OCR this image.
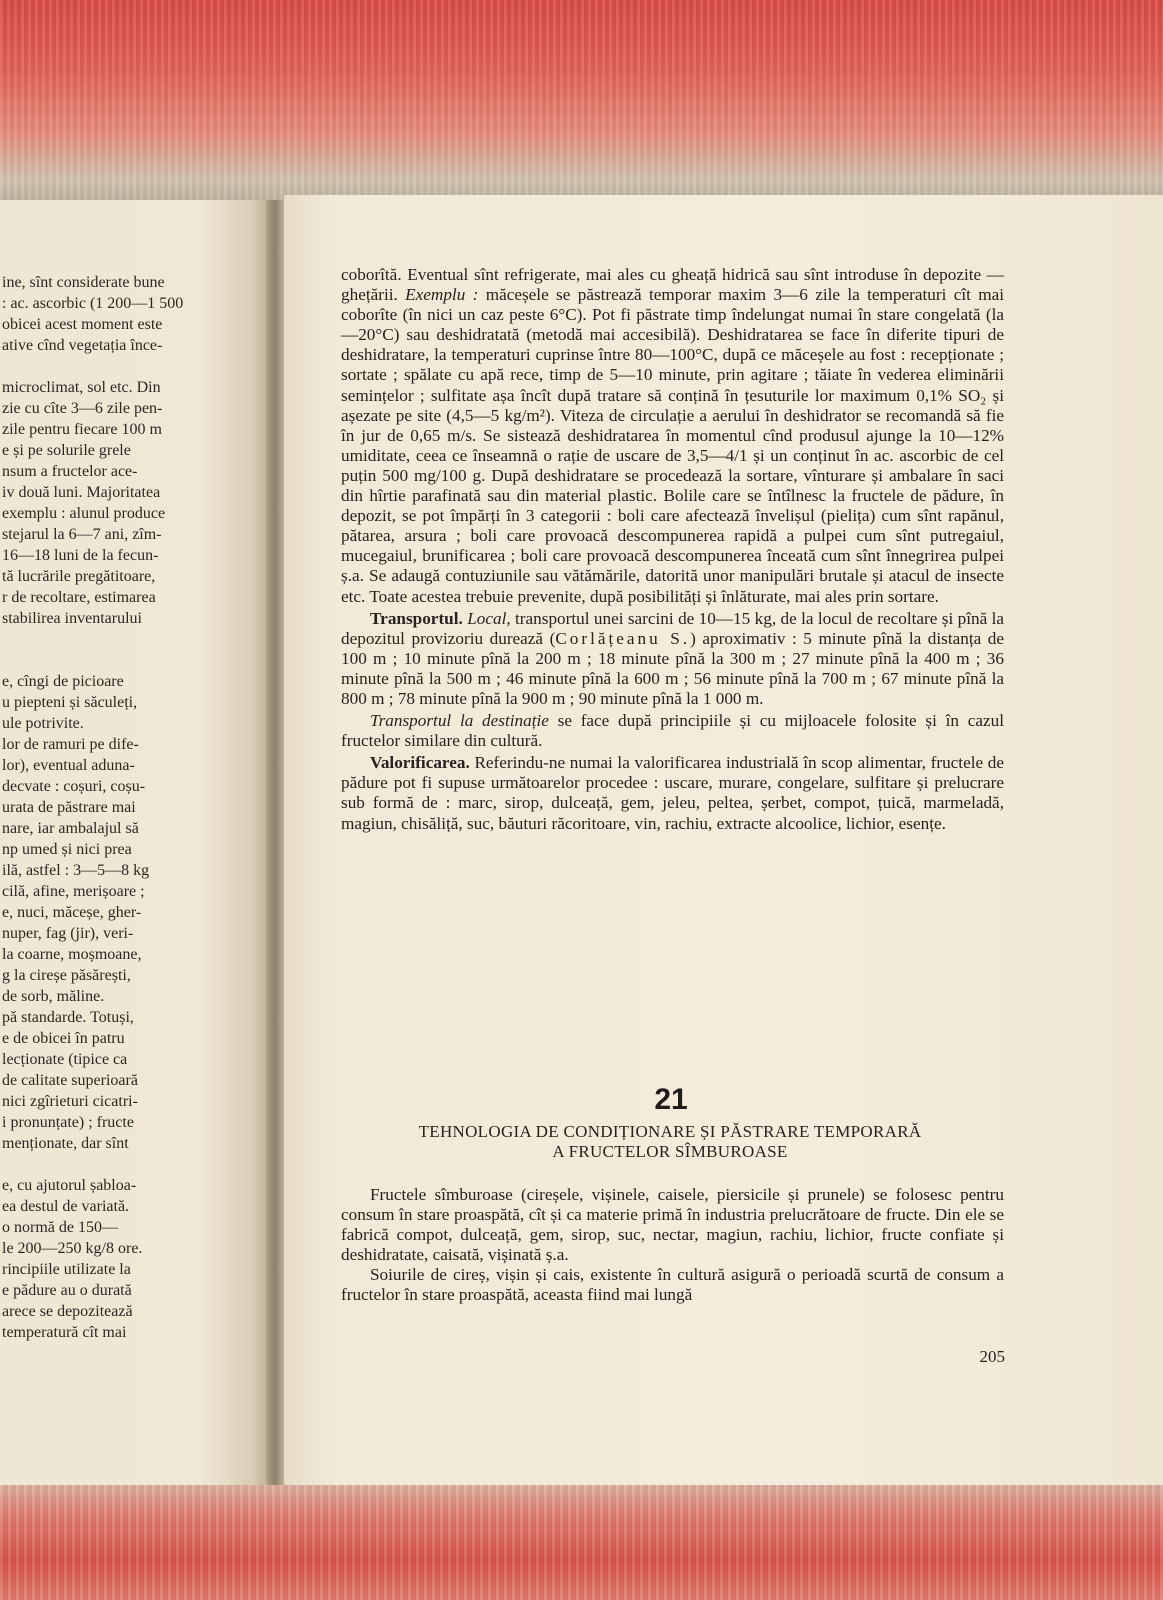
ine, sînt considerate bune
: ac. ascorbic (1 200—1 500
obicei acest moment este
ative cînd vegetația înce-
microclimat, sol etc. Din
zie cu cîte 3—6 zile pen-
zile pentru fiecare 100 m
e și pe solurile grele
nsum a fructelor ace-
iv două luni. Majoritatea
exemplu : alunul produce
stejarul la 6—7 ani, zîm-
16—18 luni de la fecun-
tă lucrările pregătitoare,
r de recoltare, estimarea
stabilirea inventarului
e, cîngi de picioare
u piepteni și săculeți,
ule potrivite.
lor de ramuri pe dife-
lor), eventual aduna-
decvate : coșuri, coșu-
urata de păstrare mai
nare, iar ambalajul să
np umed și nici prea
ilă, astfel : 3—5—8 kg
cilă, afine, merișoare ;
e, nuci, măceșe, gher-
nuper, fag (jir), veri-
la coarne, moșmoane,
g la cireșe păsărești,
de sorb, măline.
pă standarde. Totuși,
e de obicei în patru
lecționate (tipice ca
de calitate superioară
nici zgîrieturi cicatri-
i pronunțate) ; fructe
menționate, dar sînt
e, cu ajutorul șabloa-
ea destul de variată.
o normă de 150—
le 200—250 kg/8 ore.
rincipiile utilizate la
e pădure au o durată
arece se depozitează
temperatură cît mai

coborîtă. Eventual sînt refrigerate, mai ales cu gheață hidrică sau sînt introduse în depozite — ghețării. Exemplu : măceșele se păstrează temporar maxim 3—6 zile la temperaturi cît mai coborîte (în nici un caz peste 6°C). Pot fi păstrate timp îndelungat numai în stare congelată (la —20°C) sau deshidratată (metodă mai accesibilă). Deshidratarea se face în diferite tipuri de deshidratare, la temperaturi cuprinse între 80—100°C, după ce măceșele au fost : recepționate ; sortate ; spălate cu apă rece, timp de 5—10 minute, prin agitare ; tăiate în vederea eliminării semințelor ; sulfitate așa încît după tratare să conțină în țesuturile lor maximum 0,1% SO₂ și așezate pe site (4,5—5 kg/m²). Viteza de circulație a aerului în deshidrator se recomandă să fie în jur de 0,65 m/s. Se sistează deshidratarea în momentul cînd produsul ajunge la 10—12% umiditate, ceea ce înseamnă o rație de uscare de 3,5—4/1 și un conținut în ac. ascorbic de cel puțin 500 mg/100 g. După deshidratare se procedează la sortare, vînturare și ambalare în saci din hîrtie parafinată sau din material plastic. Bolile care se întîlnesc la fructele de pădure, în depozit, se pot împărți în 3 categorii : boli care afectează învelișul (pielița) cum sînt rapănul, pătarea, arsura ; boli care provoacă descompunerea rapidă a pulpei cum sînt putregaiul, mucegaiul, brunificarea ; boli care provoacă descompunerea înceată cum sînt înnegrirea pulpei ș.a. Se adaugă contuziunile sau vătămările, datorită unor manipulări brutale și atacul de insecte etc. Toate acestea trebuie prevenite, după posibilități și înlăturate, mai ales prin sortare.

Transportul. Local, transportul unei sarcini de 10—15 kg, de la locul de recoltare și pînă la depozitul provizoriu durează (Corlățeanu S.) aproximativ : 5 minute pînă la distanța de 100 m ; 10 minute pînă la 200 m ; 18 minute pînă la 300 m ; 27 minute pînă la 400 m ; 36 minute pînă la 500 m ; 46 minute pînă la 600 m ; 56 minute pînă la 700 m ; 67 minute pînă la 800 m ; 78 minute pînă la 900 m ; 90 minute pînă la 1 000 m.

Transportul la destinație se face după principiile și cu mijloacele folosite și în cazul fructelor similare din cultură.

Valorificarea. Referindu-ne numai la valorificarea industrială în scop alimentar, fructele de pădure pot fi supuse următoarelor procedee : uscare, murare, congelare, sulfitare și prelucrare sub formă de : marc, sirop, dulceață, gem, jeleu, peltea, șerbet, compot, țuică, marmeladă, magiun, chisăliță, suc, băuturi răcoritoare, vin, rachiu, extracte alcoolice, lichior, esențe.

21
TEHNOLOGIA DE CONDIȚIONARE ȘI PĂSTRARE TEMPORARĂ
A FRUCTELOR SÎMBUROASE

Fructele sîmburoase (cireșele, vișinele, caisele, piersicile și prunele) se folosesc pentru consum în stare proaspătă, cît și ca materie primă în industria prelucrătoare de fructe. Din ele se fabrică compot, dulceață, gem, sirop, suc, nectar, magiun, rachiu, lichior, fructe confiate și deshidratate, caisată, vișinată ș.a.

Soiurile de cireș, vișin și cais, existente în cultură asigură o perioadă scurtă de consum a fructelor în stare proaspătă, aceasta fiind mai lungă

205
